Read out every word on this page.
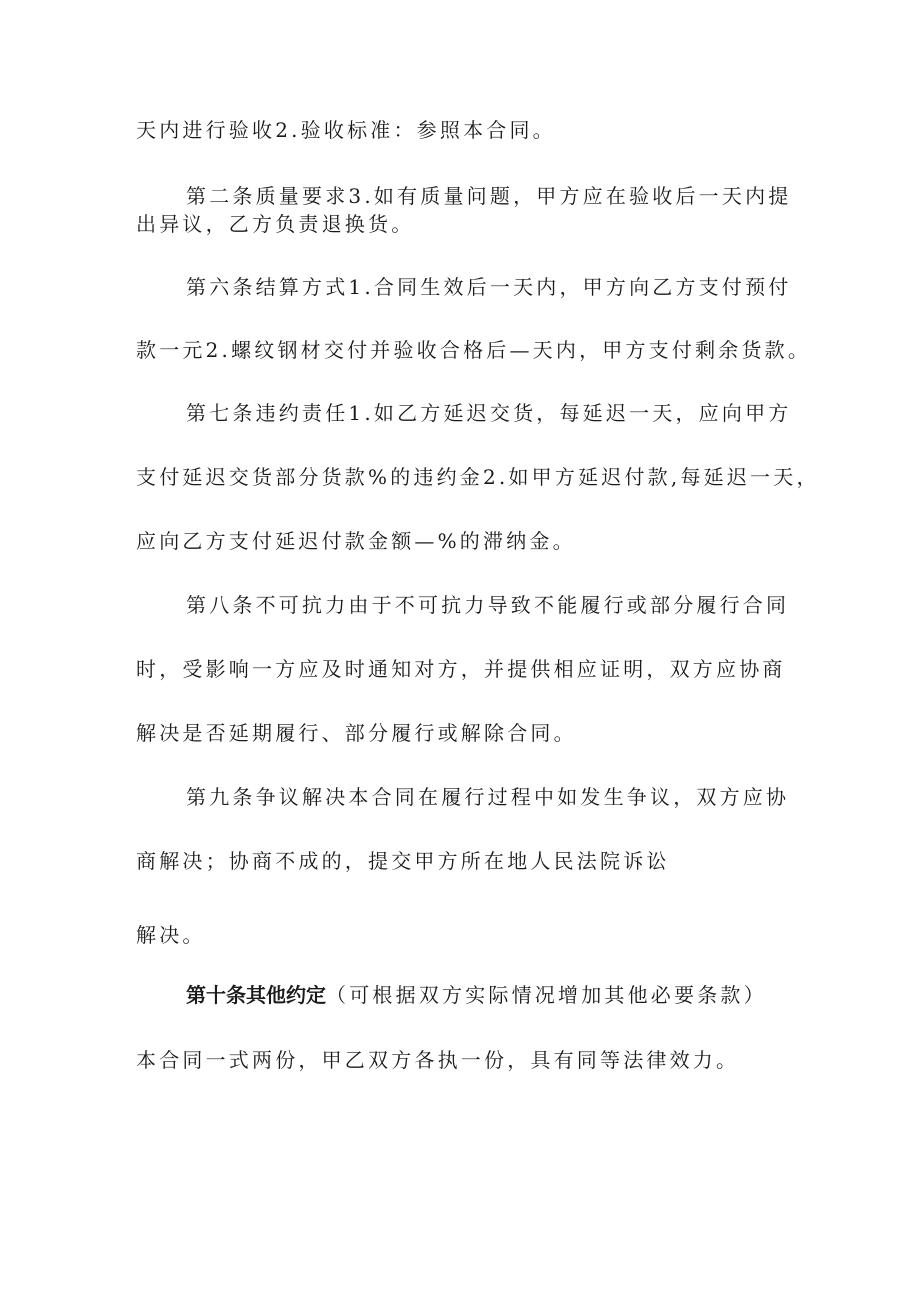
天内进行验收2.验收标准：参照本合同。
第二条质量要求3.如有质量问题，甲方应在验收后一天内提
出异议，乙方负责退换货。
第六条结算方式1.合同生效后一天内，甲方向乙方支付预付
款一元2.螺纹钢材交付并验收合格后—天内，甲方支付剩余货款。
第七条违约责任1.如乙方延迟交货，每延迟一天，应向甲方
支付延迟交货部分货款%的违约金2.如甲方延迟付款,每延迟一天，
应向乙方支付延迟付款金额—%的滞纳金。
第八条不可抗力由于不可抗力导致不能履行或部分履行合同
时，受影响一方应及时通知对方，并提供相应证明，双方应协商
解决是否延期履行、部分履行或解除合同。
第九条争议解决本合同在履行过程中如发生争议，双方应协
商解决；协商不成的，提交甲方所在地人民法院诉讼
解决。
第十条其他约定（可根据双方实际情况增加其他必要条款）
本合同一式两份，甲乙双方各执一份，具有同等法律效力。
